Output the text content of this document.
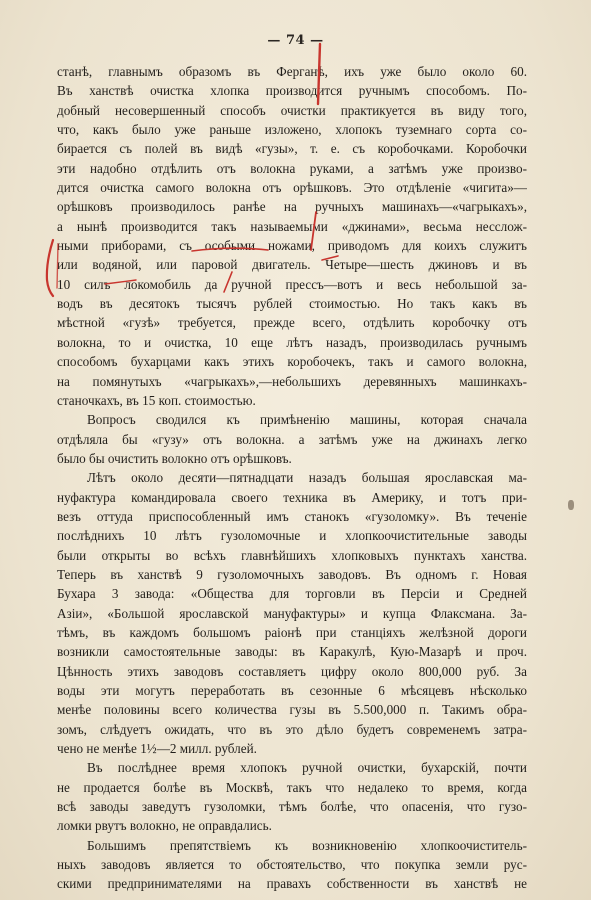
— 74 —
станѣ, главнымъ образомъ въ Ферганѣ, ихъ уже было около 60.
Въ ханствѣ очистка хлопка производится ручнымъ способомъ. По-
добный несовершенный способъ очистки практикуется въ виду того,
что, какъ было уже раньше изложено, хлопокъ туземнаго сорта со-
бирается съ полей въ видѣ «гузы», т. е. съ коробочками. Коробочки
эти надобно отдѣлить отъ волокна руками, а затѣмъ уже произво-
дится очистка самого волокна отъ орѣшковъ. Это отдѣленіе «чигита»—
орѣшковъ производилось ранѣе на ручныхъ машинахъ—«чагрыкахъ»,
а нынѣ производится такъ называемыми «джинами», весьма несслож-
ными приборами, съ особыми ножами, приводомъ для коихъ служитъ
или водяной, или паровой двигатель. Четыре—шесть джиновъ и въ
10 силъ локомобиль да ручной прессъ—вотъ и весь небольшой за-
водъ въ десятокъ тысячъ рублей стоимостью. Но такъ какъ въ
мѣстной «гузѣ» требуется, прежде всего, отдѣлить коробочку отъ
волокна, то и очистка, 10 еще лѣтъ назадъ, производилась ручнымъ
способомъ бухарцами какъ этихъ коробочекъ, такъ и самого волокна,
на помянутыхъ «чагрыкахъ»,—небольшихъ деревянныхъ машинкахъ-
станочкахъ, въ 15 коп. стоимостью.
Вопросъ сводился къ примѣненію машины, которая сначала
отдѣляла бы «гузу» отъ волокна. а затѣмъ уже на джинахъ легко
было бы очистить волокно отъ орѣшковъ.
Лѣтъ около десяти—пятнадцати назадъ большая ярославская ма-
нуфактура командировала своего техника въ Америку, и тотъ при-
везъ оттуда приспособленный имъ станокъ «гузоломку». Въ теченіе
послѣднихъ 10 лѣтъ гузоломочные и хлопкоочистительные заводы
были открыты во всѣхъ главнѣйшихъ хлопковыхъ пунктахъ ханства.
Теперь въ ханствѣ 9 гузоломочныхъ заводовъ. Въ одномъ г. Новая
Бухара 3 завода: «Общества для торговли въ Персіи и Средней
Азіи», «Большой ярославской мануфактуры» и купца Флаксмана. За-
тѣмъ, въ каждомъ большомъ раіонѣ при станціяхъ желѣзной дороги
возникли самостоятельные заводы: въ Каракулѣ, Кую-Мазарѣ и проч.
Цѣнность этихъ заводовъ составляетъ цифру около 800,000 руб. За
воды эти могутъ переработать въ сезонные 6 мѣсяцевъ нѣсколько
менѣе половины всего количества гузы въ 5.500,000 п. Такимъ обра-
зомъ, слѣдуетъ ожидать, что въ это дѣло будетъ современемъ затра-
чено не менѣе 1½—2 милл. рублей.
Въ послѣднее время хлопокъ ручной очистки, бухарскій, почти
не продается болѣе въ Москвѣ, такъ что недалеко то время, когда
всѣ заводы заведутъ гузоломки, тѣмъ болѣе, что опасенія, что гузо-
ломки рвутъ волокно, не оправдались.
Большимъ препятствіемъ къ возникновенію хлопкоочиститель-
ныхъ заводовъ является то обстоятельство, что покупка земли рус-
скими предпринимателями на правахъ собственности въ ханствѣ не
